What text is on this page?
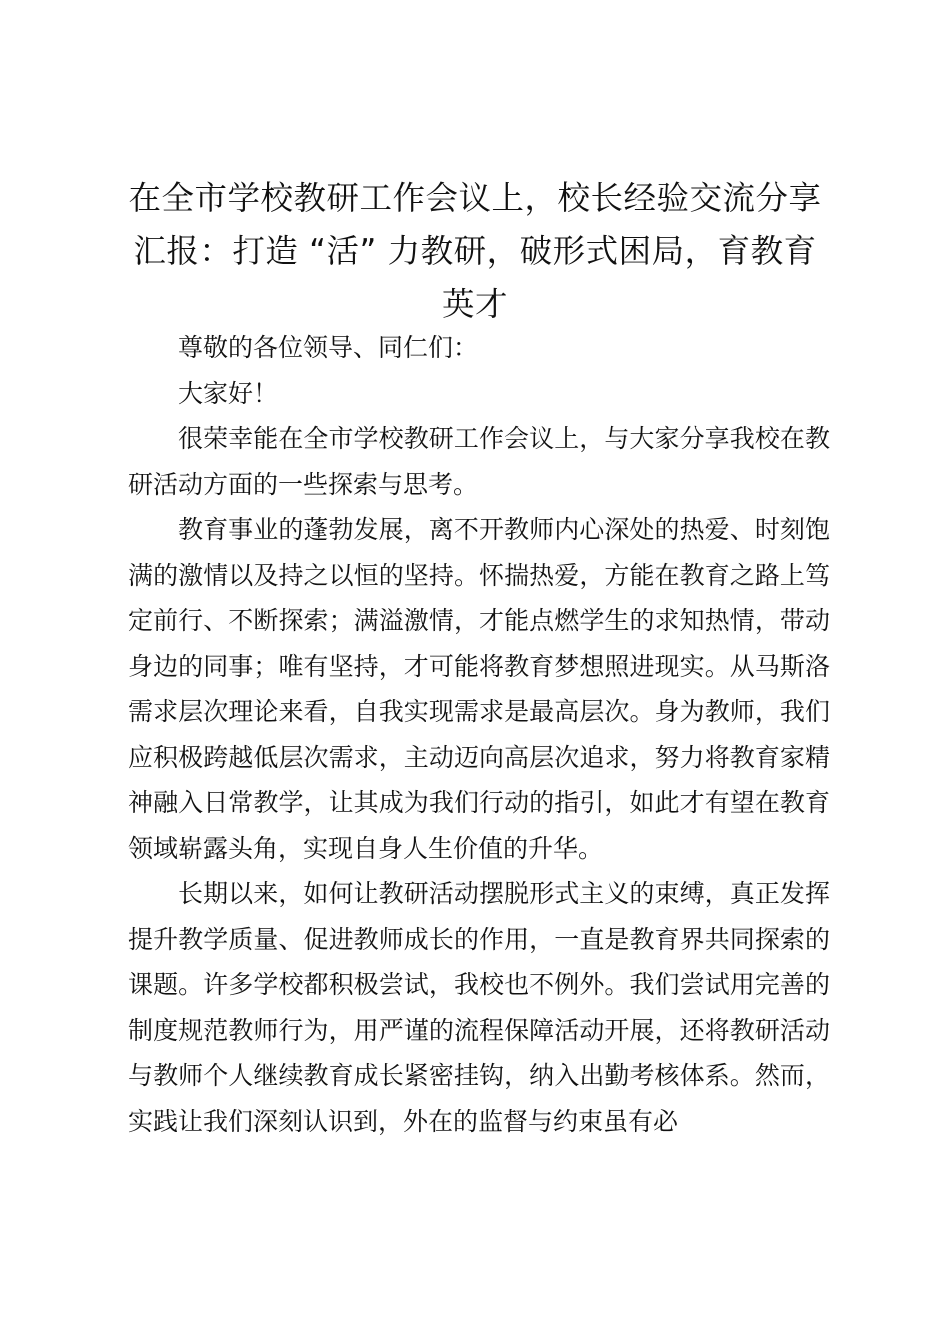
在全市学校教研工作会议上，校长经验交流分享汇报：打造 “活” 力教研，破形式困局，育教育英才

尊敬的各位领导、同仁们：

大家好！

很荣幸能在全市学校教研工作会议上，与大家分享我校在教研活动方面的一些探索与思考。

教育事业的蓬勃发展，离不开教师内心深处的热爱、时刻饱满的激情以及持之以恒的坚持。怀揣热爱，方能在教育之路上笃定前行、不断探索；满溢激情，才能点燃学生的求知热情，带动身边的同事；唯有坚持，才可能将教育梦想照进现实。从马斯洛需求层次理论来看，自我实现需求是最高层次。身为教师，我们应积极跨越低层次需求，主动迈向高层次追求，努力将教育家精神融入日常教学，让其成为我们行动的指引，如此才有望在教育领域崭露头角，实现自身人生价值的升华。

长期以来，如何让教研活动摆脱形式主义的束缚，真正发挥提升教学质量、促进教师成长的作用，一直是教育界共同探索的课题。许多学校都积极尝试，我校也不例外。我们尝试用完善的制度规范教师行为，用严谨的流程保障活动开展，还将教研活动与教师个人继续教育成长紧密挂钩，纳入出勤考核体系。然而，实践让我们深刻认识到，外在的监督与约束虽有必
